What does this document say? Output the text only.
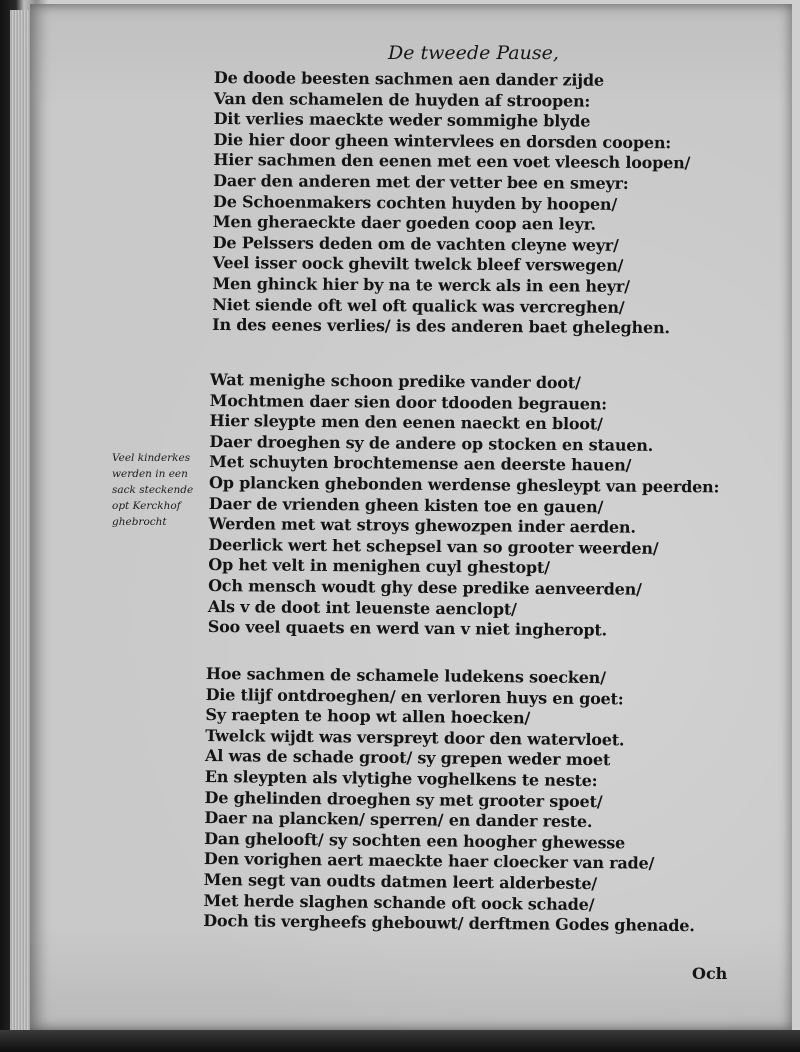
De tweede Pause,
De doode beesten sachmen aen dander zijde
Van den schamelen de huyden af stroopen:
Dit verlies maeckte weder sommighe blyde
Die hier door gheen wintervlees en dorsden coopen:
Hier sachmen den eenen met een voet vleesch loopen/
Daer den anderen met der vetter bee en smeyr:
De Schoenmakers cochten huyden by hoopen/
Men gheraeckte daer goeden coop aen leyr.
De Pelssers deden om de vachten cleyne weyr/
Veel isser oock ghevilt twelck bleef verswegen/
Men ghinck hier by na te werck als in een heyr/
Niet siende oft wel oft qualick was vercreghen/
In des eenes verlies/ is des anderen baet gheleghen.
Veel kinderkes
werden in een
sack steckende
opt Kerckhof
ghebrocht
Wat menighe schoon predike vander doot/
Mochtmen daer sien door tdooden begrauen:
Hier sleypte men den eenen naeckt en bloot/
Daer droeghen sy de andere op stocken en stauen.
Met schuyten brochtemense aen deerste hauen/
Op plancken ghebonden werdense ghesleypt van peerden:
Daer de vrienden gheen kisten toe en gauen/
Werden met wat stroys ghewozpen inder aerden.
Deerlick wert het schepsel van so grooter weerden/
Op het velt in menighen cuyl ghestopt/
Och mensch woudt ghy dese predike aenveerden/
Als v de doot int leuenste aenclopt/
Soo veel quaets en werd van v niet ingheropt.
Hoe sachmen de schamele ludekens soecken/
Die tlijf ontdroeghen/ en verloren huys en goet:
Sy raepten te hoop wt allen hoecken/
Twelck wijdt was verspreyt door den watervloet.
Al was de schade groot/ sy grepen weder moet
En sleypten als vlytighe voghelkens te neste:
De ghelinden droeghen sy met grooter spoet/
Daer na plancken/ sperren/ en dander reste.
Dan ghelooft/ sy sochten een hoogher ghewesse
Den vorighen aert maeckte haer cloecker van rade/
Men segt van oudts datmen leert alderbeste/
Met herde slaghen schande oft oock schade/
Doch tis vergheefs ghebouwt/ derftmen Godes ghenade.
Och
